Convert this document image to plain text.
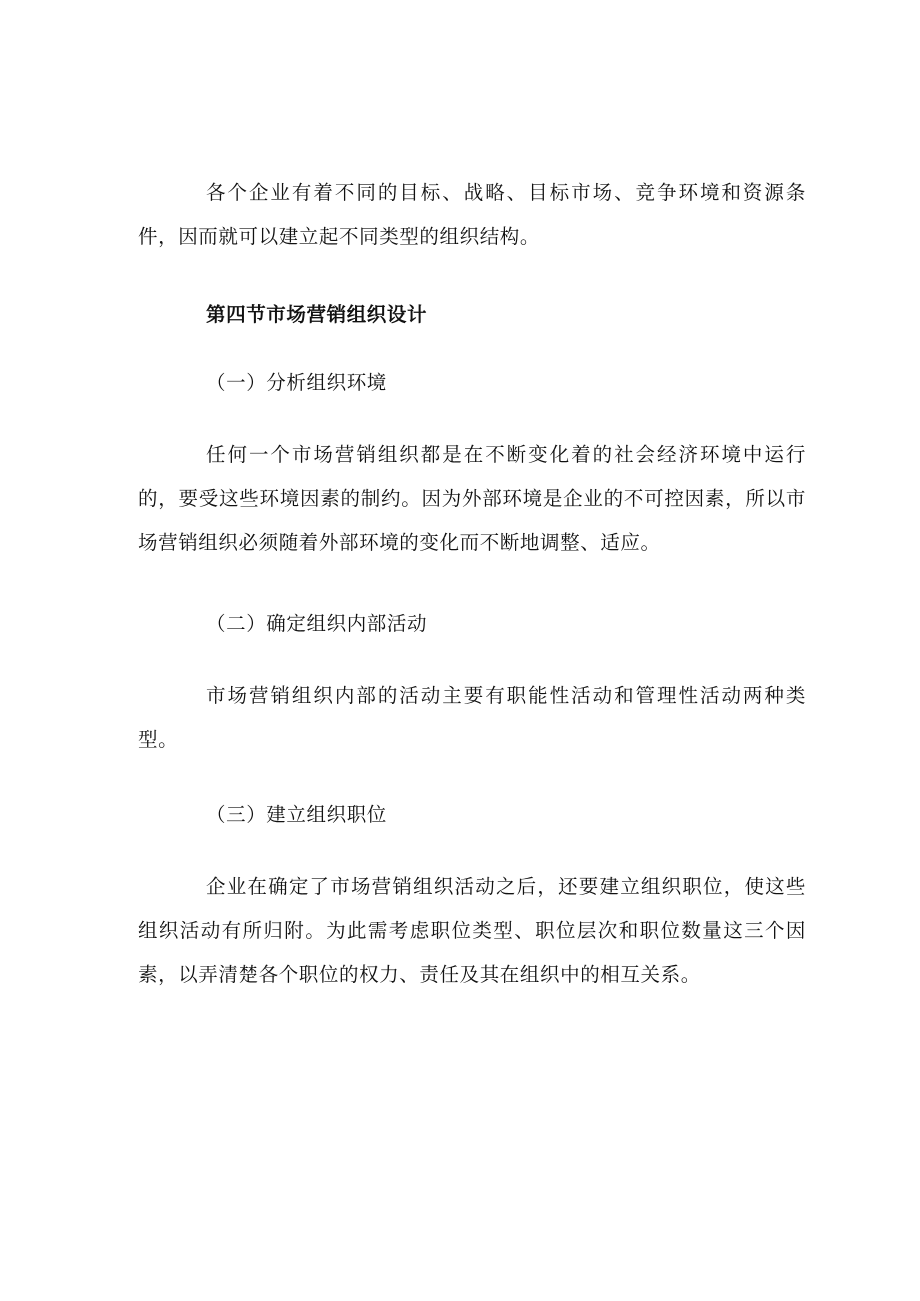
各个企业有着不同的目标、战略、目标市场、竞争环境和资源条件，因而就可以建立起不同类型的组织结构。

第四节市场营销组织设计

（一）分析组织环境

任何一个市场营销组织都是在不断变化着的社会经济环境中运行的，要受这些环境因素的制约。因为外部环境是企业的不可控因素，所以市场营销组织必须随着外部环境的变化而不断地调整、适应。

（二）确定组织内部活动

市场营销组织内部的活动主要有职能性活动和管理性活动两种类型。

（三）建立组织职位

企业在确定了市场营销组织活动之后，还要建立组织职位，使这些组织活动有所归附。为此需考虑职位类型、职位层次和职位数量这三个因素，以弄清楚各个职位的权力、责任及其在组织中的相互关系。
